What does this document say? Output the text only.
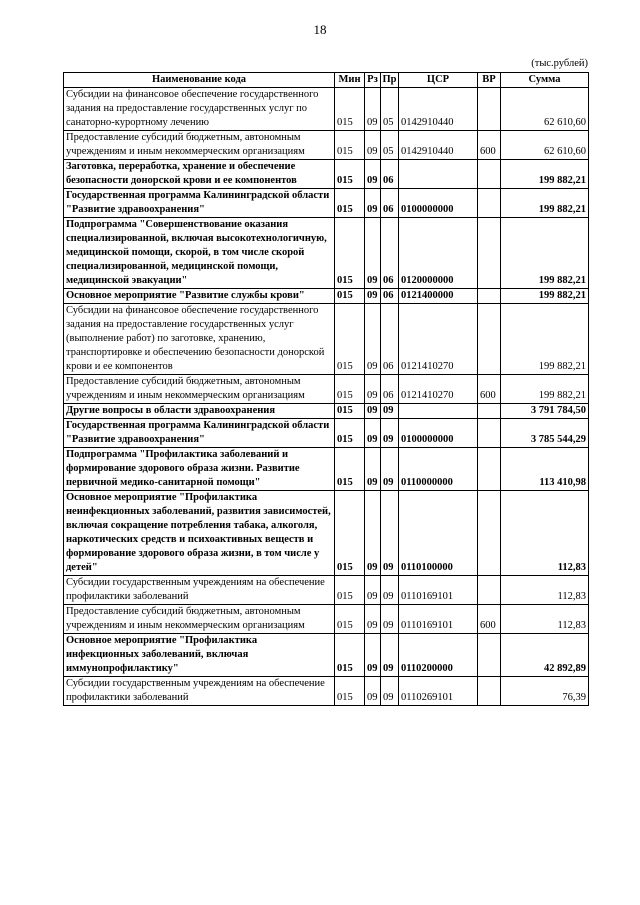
18
(тыс.рублей)
Наименование кода	Мин	Рз	Пр	ЦСР	ВР	Сумма
Субсидии на финансовое обеспечение государственного задания на предоставление государственных услуг по санаторно-курортному лечению	015	09	05	0142910440		62 610,60
Предоставление субсидий бюджетным, автономным учреждениям и иным некоммерческим организациям	015	09	05	0142910440	600	62 610,60
Заготовка, переработка, хранение и обеспечение безопасности донорской крови и ее компонентов	015	09	06			199 882,21
Государственная программа Калининградской области "Развитие здравоохранения"	015	09	06	0100000000		199 882,21
Подпрограмма "Совершенствование оказания специализированной, включая высокотехнологичную, медицинской помощи, скорой, в том числе скорой специализированной, медицинской помощи, медицинской эвакуации"	015	09	06	0120000000		199 882,21
Основное мероприятие "Развитие службы крови"	015	09	06	0121400000		199 882,21
Субсидии на финансовое обеспечение государственного задания на предоставление государственных услуг (выполнение работ) по заготовке, хранению, транспортировке и обеспечению безопасности донорской крови и ее компонентов	015	09	06	0121410270		199 882,21
Предоставление субсидий бюджетным, автономным учреждениям и иным некоммерческим организациям	015	09	06	0121410270	600	199 882,21
Другие вопросы в области здравоохранения	015	09	09			3 791 784,50
Государственная программа Калининградской области "Развитие здравоохранения"	015	09	09	0100000000		3 785 544,29
Подпрограмма "Профилактика заболеваний и формирование здорового образа жизни. Развитие первичной медико-санитарной помощи"	015	09	09	0110000000		113 410,98
Основное мероприятие "Профилактика неинфекционных заболеваний, развития зависимостей, включая сокращение потребления табака, алкоголя, наркотических средств и психоактивных веществ и формирование здорового образа жизни, в том числе у детей"	015	09	09	0110100000		112,83
Субсидии государственным учреждениям на обеспечение профилактики заболеваний	015	09	09	0110169101		112,83
Предоставление субсидий бюджетным, автономным учреждениям и иным некоммерческим организациям	015	09	09	0110169101	600	112,83
Основное мероприятие "Профилактика инфекционных заболеваний, включая иммунопрофилактику"	015	09	09	0110200000		42 892,89
Субсидии государственным учреждениям на обеспечение профилактики заболеваний	015	09	09	0110269101		76,39
